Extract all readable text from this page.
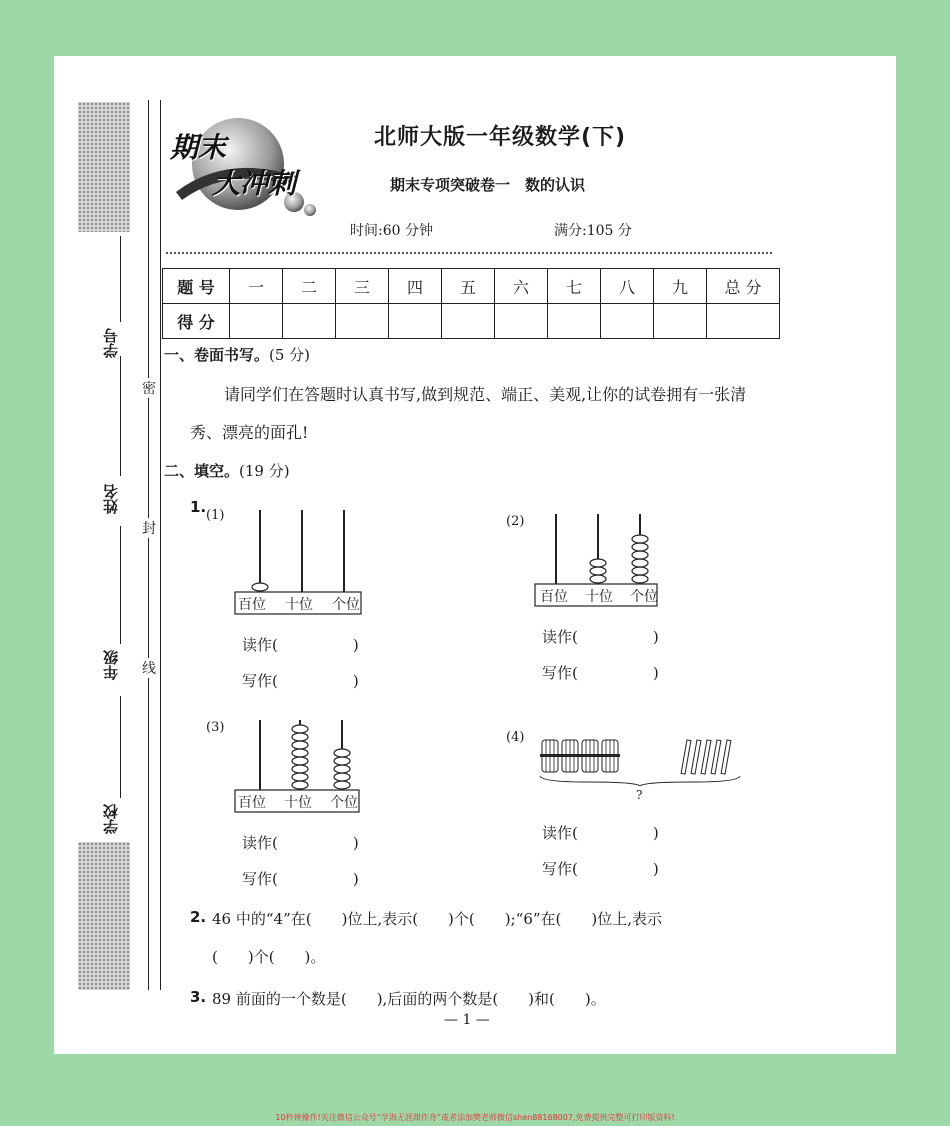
学号
姓名
年级
学校
密
封
线
期末
大冲刺
北师大版一年级数学(下)
期末专项突破卷一　数的认识
时间:60 分钟	满分:105 分
题 号	一	二	三	四	五	六	七	八	九	总 分
得 分										
一、卷面书写。(5 分)
请同学们在答题时认真书写,做到规范、端正、美观,让你的试卷拥有一张清
秀、漂亮的面孔!
二、填空。(19 分)
1. (1)
百位 十位 个位
读作(　　　　　)
写作(　　　　　)
(2)
百位 十位 个位
读作(　　　　　)
写作(　　　　　)
(3)
百位 十位 个位
读作(　　　　　)
写作(　　　　　)
(4)
?
读作(　　　　　)
写作(　　　　　)
2. 46 中的“4”在(　　)位上,表示(　　)个(　　);“6”在(　　)位上,表示
(　　)个(　　)。
3. 89 前面的一个数是(　　),后面的两个数是(　　)和(　　)。
— 1 —
10秒钟操作!关注微信公众号“学海无涯甜作舟”或者添加樊老师微信shen88168007,免费提供完整可打印版资料!
